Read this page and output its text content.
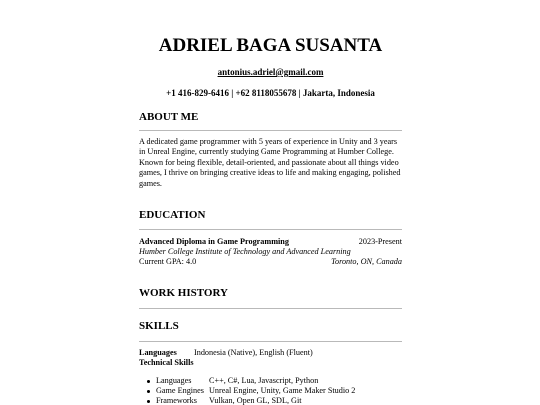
ADRIEL BAGA SUSANTA
antonius.adriel@gmail.com
+1 416-829-6416 | +62 8118055678 | Jakarta, Indonesia
ABOUT ME
A dedicated game programmer with 5 years of experience in Unity and 3 years in Unreal Engine, currently studying Game Programming at Humber College. Known for being flexible, detail-oriented, and passionate about all things video games, I thrive on bringing creative ideas to life and making engaging, polished games.
EDUCATION
Advanced Diploma in Game Programming	2023-Present
Humber College Institute of Technology and Advanced Learning
Current GPA: 4.0	Toronto, ON, Canada
WORK HISTORY
SKILLS
Languages Indonesia (Native), English (Fluent)
Technical Skills
Languages C++, C#, Lua, Javascript, Python
Game Engines Unreal Engine, Unity, Game Maker Studio 2
Frameworks Vulkan, Open GL, SDL, Git
